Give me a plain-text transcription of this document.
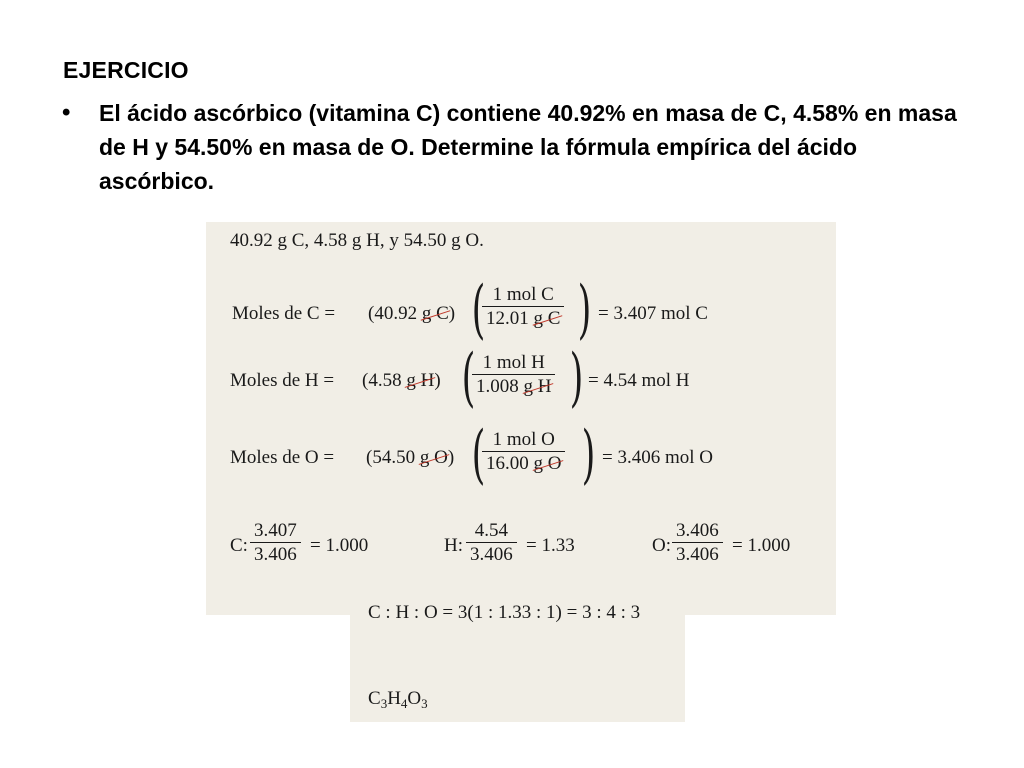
EJERCICIO
• El ácido ascórbico (vitamina C) contiene 40.92% en masa de C, 4.58% en masa de H y 54.50% en masa de O. Determine la fórmula empírica del ácido ascórbico.
40.92 g C, 4.58 g H, y 54.50 g O.
Moles de C = (40.92 g C) ( 1 mol C
12.01 g C ) = 3.407 mol C
Moles de H = (4.58 g H) ( 1 mol H
1.008 g H ) = 4.54 mol H
Moles de O = (54.50 g O) ( 1 mol O
16.00 g O ) = 3.406 mol O
C: $\frac{3.407}{3.406} = 1.000$	H: $\frac{4.54}{3.406} = 1.33$	O: $\frac{3.406}{3.406} = 1.000$
C : H : O = 3(1 : 1.33 : 1) = 3 : 4 : 3
$C_3H_4O_3$
